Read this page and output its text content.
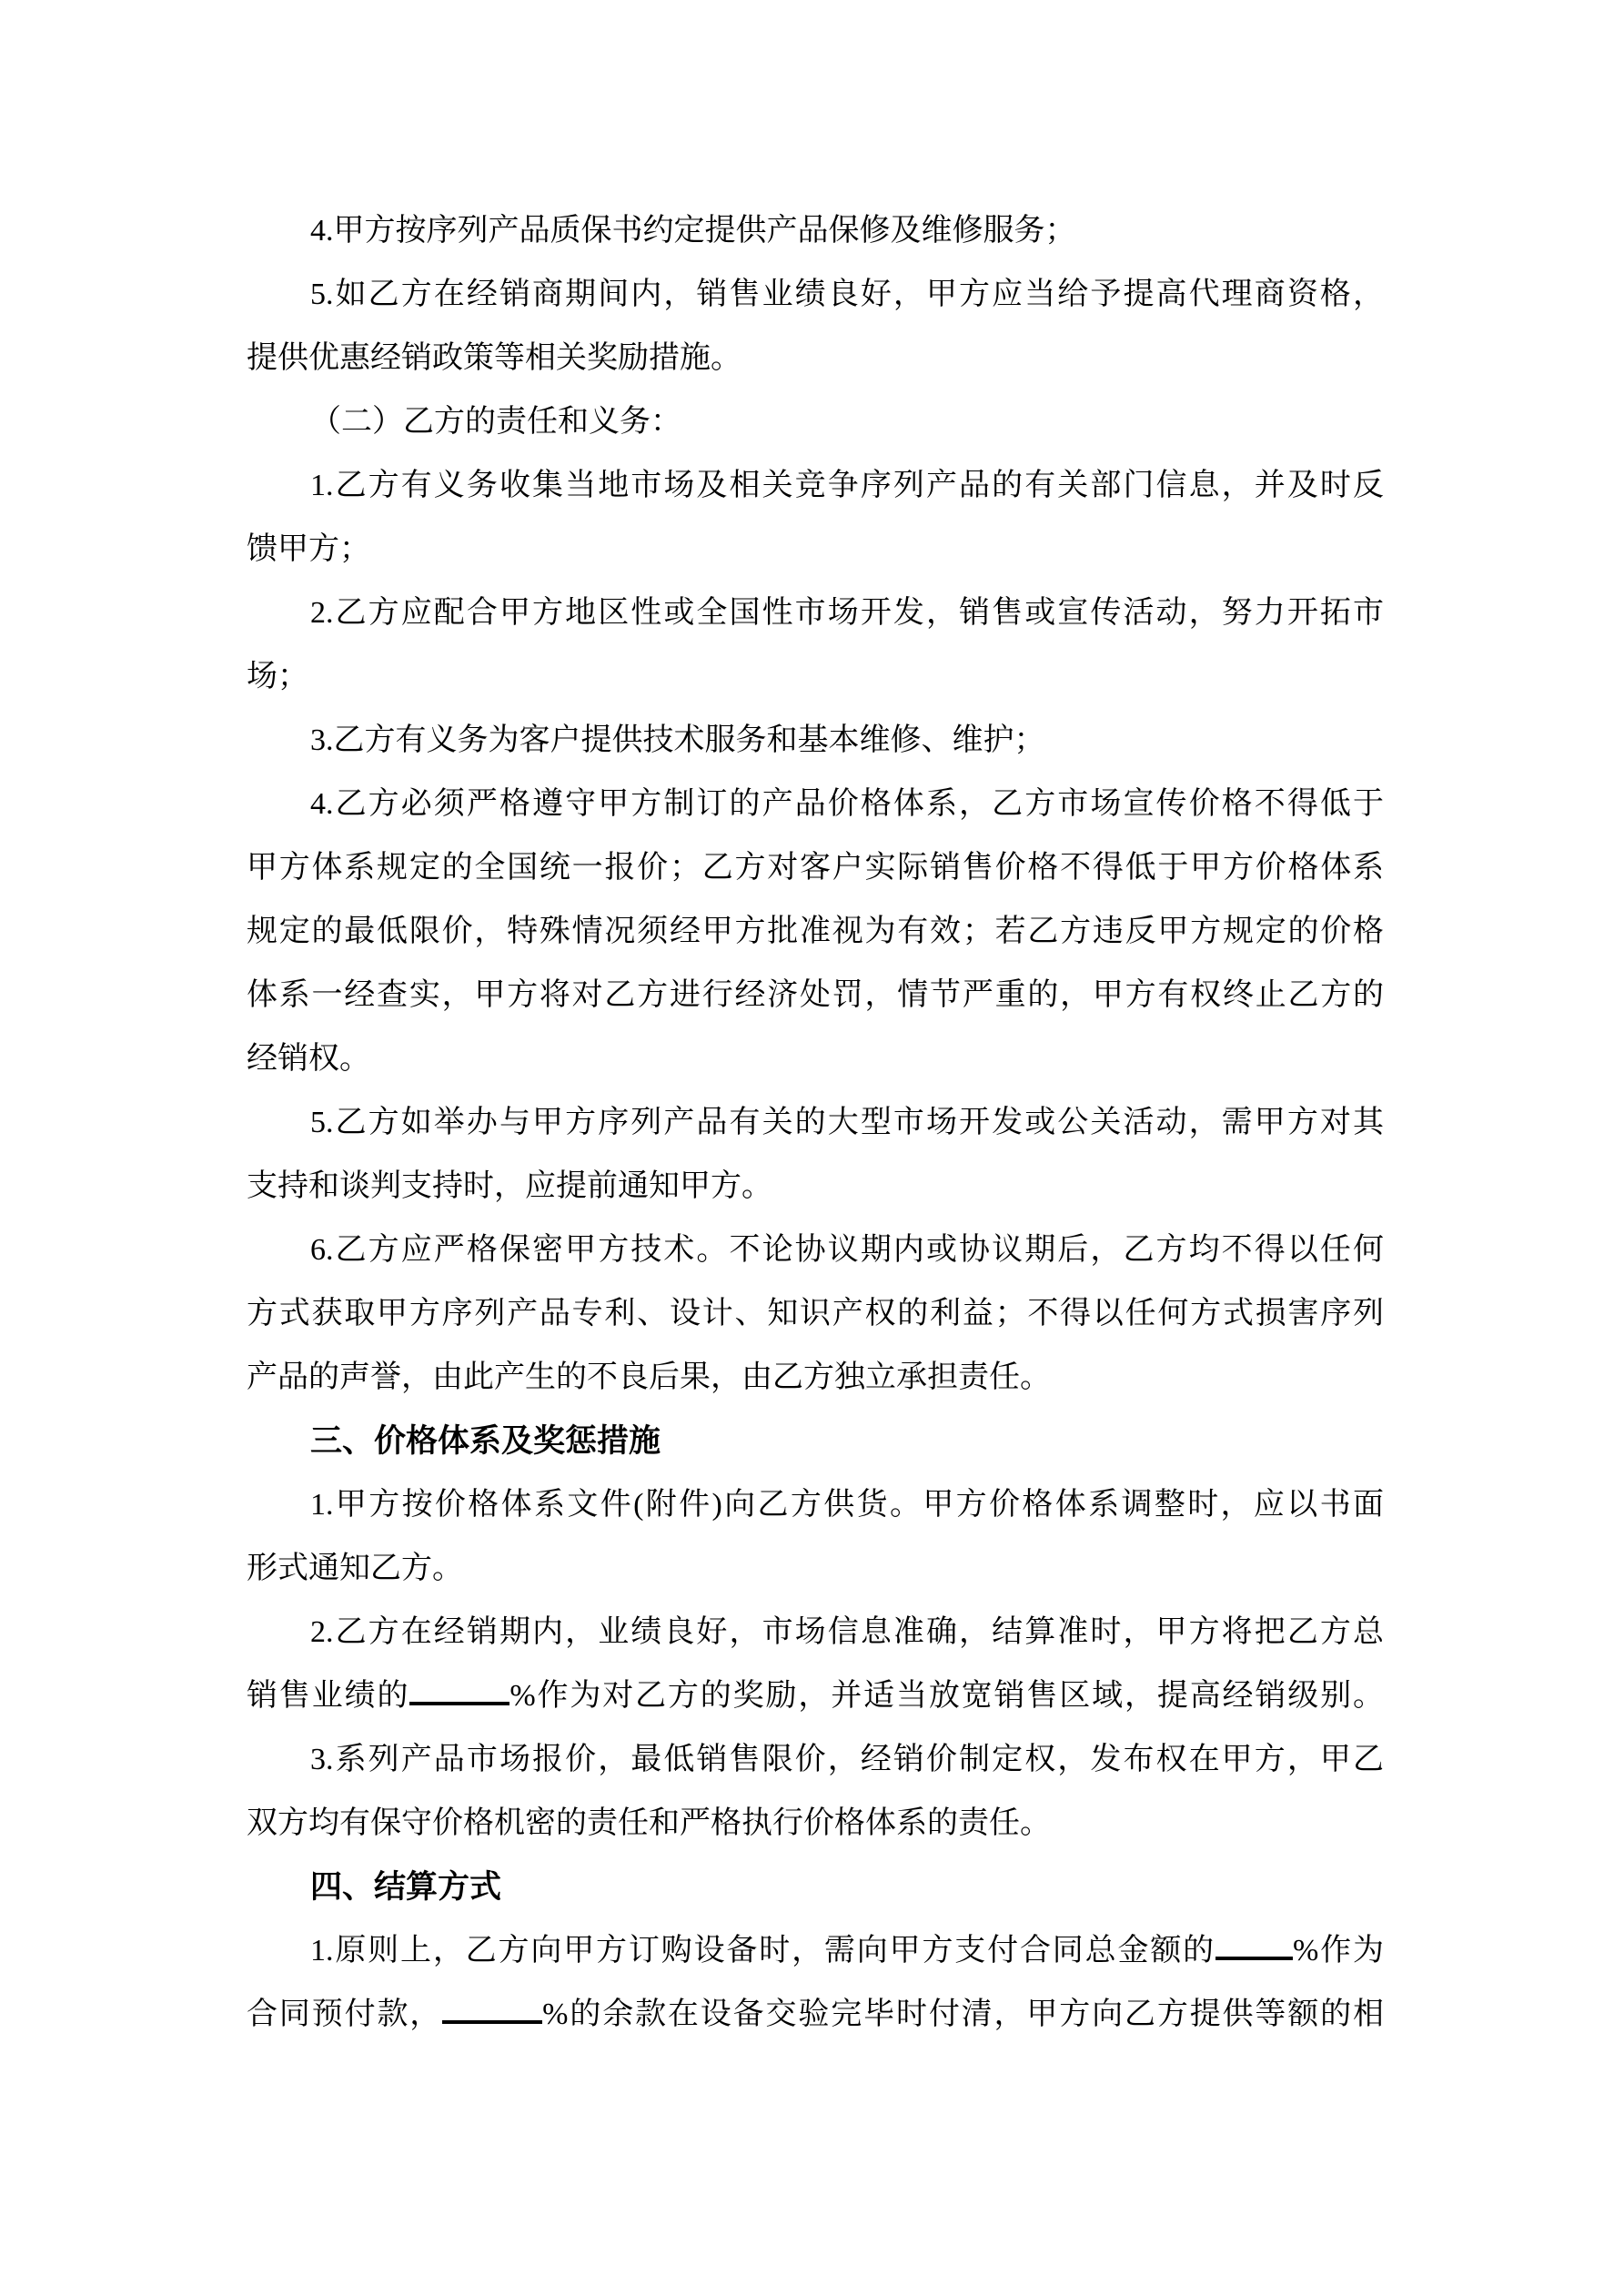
4.甲方按序列产品质保书约定提供产品保修及维修服务；
5.如乙方在经销商期间内，销售业绩良好，甲方应当给予提高代理商资格，
提供优惠经销政策等相关奖励措施。
（二）乙方的责任和义务：
1.乙方有义务收集当地市场及相关竞争序列产品的有关部门信息，并及时反
馈甲方；
2.乙方应配合甲方地区性或全国性市场开发，销售或宣传活动，努力开拓市
场；
3.乙方有义务为客户提供技术服务和基本维修、维护；
4.乙方必须严格遵守甲方制订的产品价格体系，乙方市场宣传价格不得低于
甲方体系规定的全国统一报价；乙方对客户实际销售价格不得低于甲方价格体系
规定的最低限价，特殊情况须经甲方批准视为有效；若乙方违反甲方规定的价格
体系一经查实，甲方将对乙方进行经济处罚，情节严重的，甲方有权终止乙方的
经销权。
5.乙方如举办与甲方序列产品有关的大型市场开发或公关活动，需甲方对其
支持和谈判支持时，应提前通知甲方。
6.乙方应严格保密甲方技术。不论协议期内或协议期后，乙方均不得以任何
方式获取甲方序列产品专利、设计、知识产权的利益；不得以任何方式损害序列
产品的声誉，由此产生的不良后果，由乙方独立承担责任。
三、价格体系及奖惩措施
1.甲方按价格体系文件(附件)向乙方供货。甲方价格体系调整时，应以书面
形式通知乙方。
2.乙方在经销期内，业绩良好，市场信息准确，结算准时，甲方将把乙方总
销售业绩的	%作为对乙方的奖励，并适当放宽销售区域，提高经销级别。
3.系列产品市场报价，最低销售限价，经销价制定权，发布权在甲方，甲乙
双方均有保守价格机密的责任和严格执行价格体系的责任。
四、结算方式
1.原则上，乙方向甲方订购设备时，需向甲方支付合同总金额的	%作为
合同预付款，	%的余款在设备交验完毕时付清，甲方向乙方提供等额的相
